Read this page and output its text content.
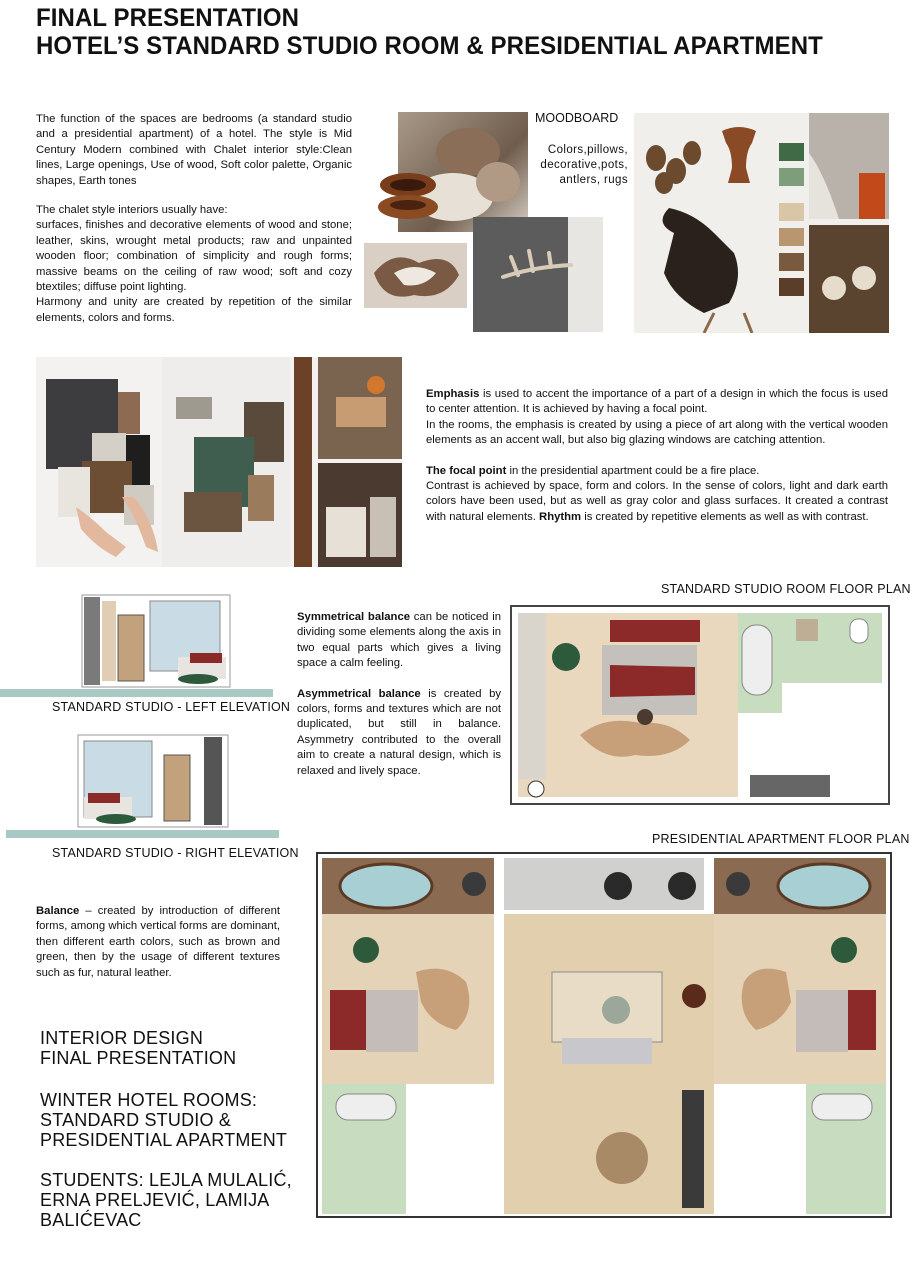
FINAL PRESENTATION
HOTEL’S STANDARD STUDIO ROOM & PRESIDENTIAL APARTMENT

The function of the spaces are bedrooms (a standard studio and a presidential apartment) of a hotel. The style is Mid Century Modern combined with Chalet interior style:Clean lines, Large openings, Use of wood, Soft color palette, Organic shapes, Earth tones

The chalet style interiors usually have:

surfaces, finishes and decorative elements of wood and stone; leather, skins, wrought metal products; raw and unpainted wooden floor; combination of simplicity and rough forms; massive beams on the ceiling of raw wood; soft and cozy btextiles; diffuse point lighting.

Harmony and unity are created by repetition of the similar elements, colors and forms.

MOODBOARD
Colors,pillows,
decorative,pots,
antlers, rugs

Emphasis is used to accent the importance of a part of a design in which the focus is used to center attention. It is achieved by having a focal point.

In the rooms, the emphasis is created by using a piece of art along with the vertical wooden elements as an accent wall, but also big glazing windows are catching attention.

The focal point in the presidential apartment could be a fire place.

Contrast is achieved by space, form and colors. In the sense of colors, light and dark earth colors have been used, but as well as gray color and glass surfaces. It created a contrast with natural elements. Rhythm is created by repetitive elements as well as with contrast.

STANDARD STUDIO ROOM FLOOR PLAN
STANDARD STUDIO - LEFT ELEVATION
STANDARD STUDIO - RIGHT ELEVATION

Symmetrical balance can be noticed in dividing some elements along the axis in two equal parts which gives a living space a calm feeling.

Asymmetrical balance is created by colors, forms and textures which are not duplicated, but still in balance. Asymmetry contributed to the overall aim to create a natural design, which is relaxed and lively space.

PRESIDENTIAL APARTMENT FLOOR PLAN

Balance – created by introduction of different forms, among which vertical forms are dominant, then different earth colors, such as brown and green, then by the usage of different textures such as fur, natural leather.

INTERIOR DESIGN
FINAL PRESENTATION
WINTER HOTEL ROOMS:
STANDARD STUDIO &
PRESIDENTIAL APARTMENT
STUDENTS: LEJLA MULALIĆ,
ERNA PRELJEVIĆ, LAMIJA
BALIĆEVAC
